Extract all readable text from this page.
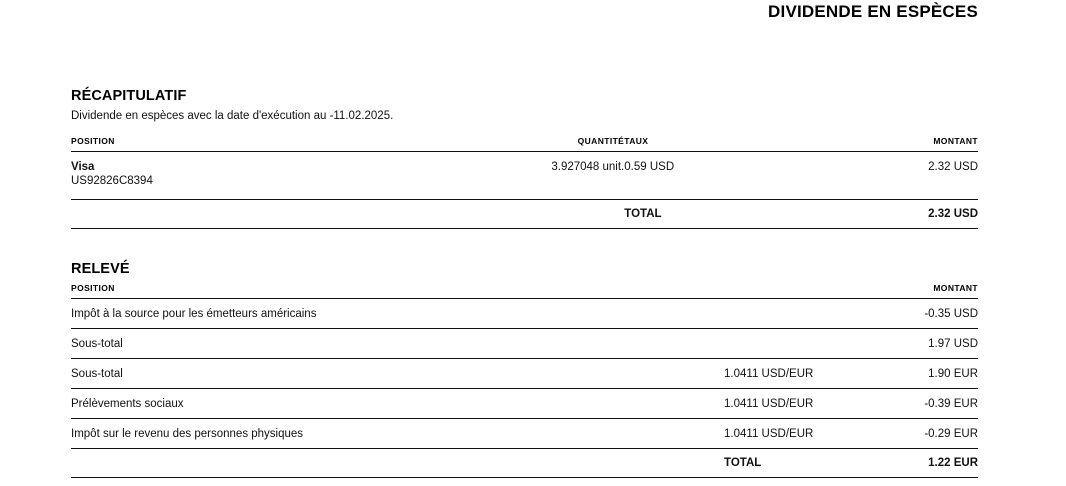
DIVIDENDE EN ESPÈCES
RÉCAPITULATIF
Dividende en espèces avec la date d'exécution au -11.02.2025.
POSITION	QUANTITÉ	TAUX	MONTANT

Visa
US92826C8394	3.927048 unit.	0.59 USD	2.32 USD
		TOTAL	2.32 USD
RELEVÉ
POSITION			MONTANT
Impôt à la source pour les émetteurs américains			-0.35 USD
Sous-total			1.97 USD
Sous-total		1.0411 USD/EUR	1.90 EUR
Prélèvements sociaux		1.0411 USD/EUR	-0.39 EUR
Impôt sur le revenu des personnes physiques		1.0411 USD/EUR	-0.29 EUR
		TOTAL	1.22 EUR
